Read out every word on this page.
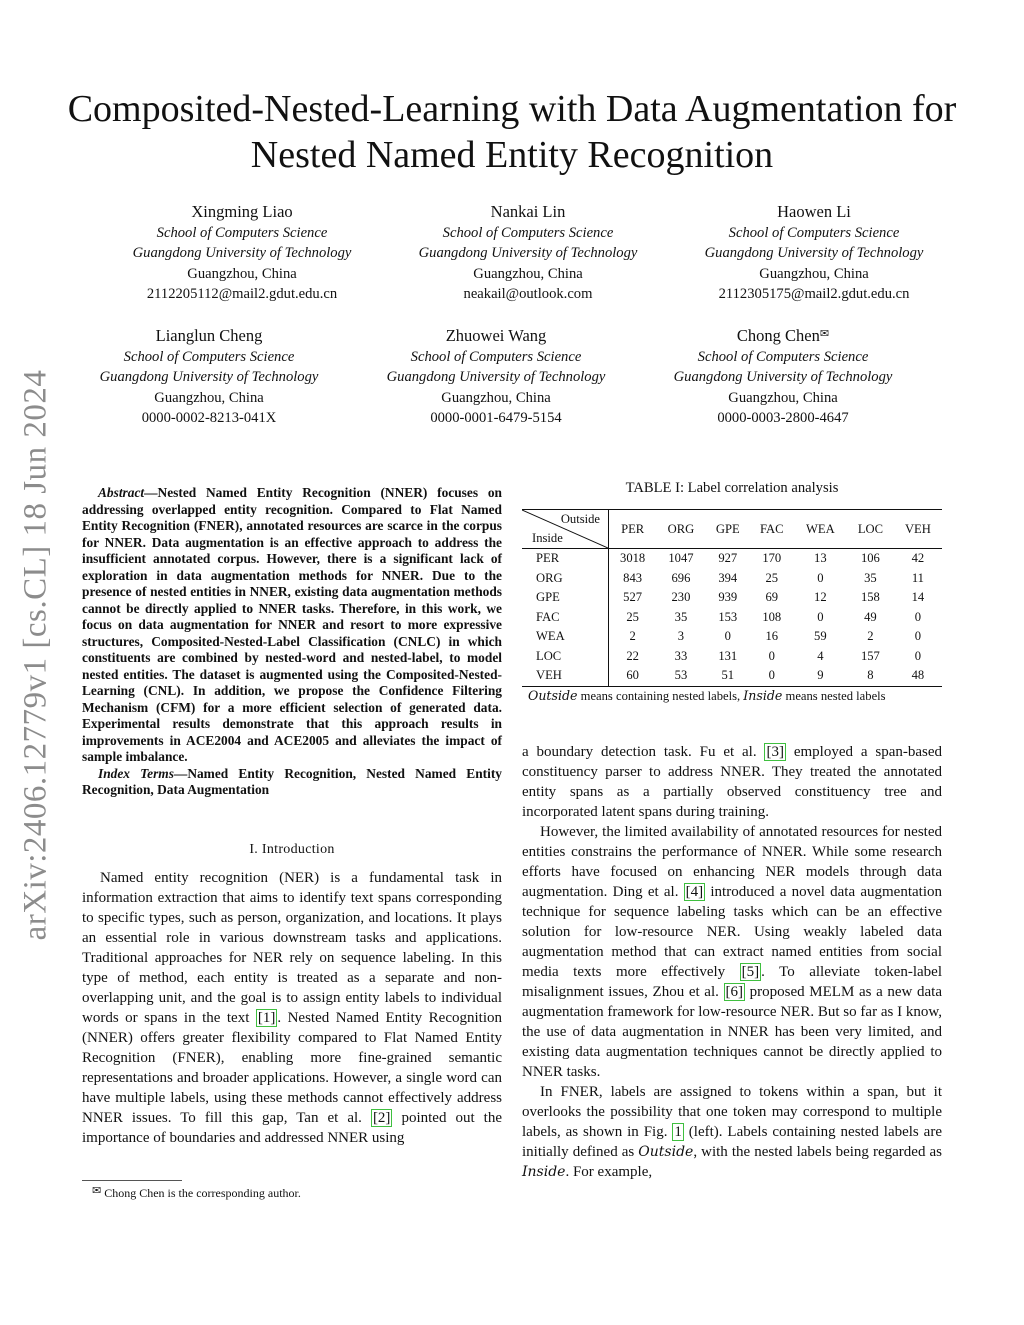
arXiv:2406.12779v1 [cs.CL] 18 Jun 2024
Composited-Nested-Learning with Data Augmentation for Nested Named Entity Recognition
Xingming Liao
School of Computers Science
Guangdong University of Technology
Guangzhou, China
2112205112@mail2.gdut.edu.cn
Nankai Lin
School of Computers Science
Guangdong University of Technology
Guangzhou, China
neakail@outlook.com
Haowen Li
School of Computers Science
Guangdong University of Technology
Guangzhou, China
2112305175@mail2.gdut.edu.cn
Lianglun Cheng
School of Computers Science
Guangdong University of Technology
Guangzhou, China
0000-0002-8213-041X
Zhuowei Wang
School of Computers Science
Guangdong University of Technology
Guangzhou, China
0000-0001-6479-5154
Chong Chen✉
School of Computers Science
Guangdong University of Technology
Guangzhou, China
0000-0003-2800-4647

Abstract—Nested Named Entity Recognition (NNER) focuses on addressing overlapped entity recognition. Compared to Flat Named Entity Recognition (FNER), annotated resources are scarce in the corpus for NNER. Data augmentation is an effective approach to address the insufficient annotated corpus. However, there is a significant lack of exploration in data augmentation methods for NNER. Due to the presence of nested entities in NNER, existing data augmentation methods cannot be directly applied to NNER tasks. Therefore, in this work, we focus on data augmentation for NNER and resort to more expressive structures, Composited-Nested-Label Classification (CNLC) in which constituents are combined by nested-word and nested-label, to model nested entities. The dataset is augmented using the Composited-Nested-Learning (CNL). In addition, we propose the Confidence Filtering Mechanism (CFM) for a more efficient selection of generated data. Experimental results demonstrate that this approach results in improvements in ACE2004 and ACE2005 and alleviates the impact of sample imbalance.

Index Terms—Named Entity Recognition, Nested Named Entity Recognition, Data Augmentation

I. Introduction

Named entity recognition (NER) is a fundamental task in information extraction that aims to identify text spans corresponding to specific types, such as person, organization, and locations. It plays an essential role in various downstream tasks and applications. Traditional approaches for NER rely on sequence labeling. In this type of method, each entity is treated as a separate and non-overlapping unit, and the goal is to assign entity labels to individual words or spans in the text [1] . Nested Named Entity Recognition (NNER) offers greater flexibility compared to Flat Named Entity Recognition (FNER), enabling more fine-grained semantic representations and broader applications. However, a single word can have multiple labels, using these methods cannot effectively address NNER issues. To fill this gap, Tan et al. [2] pointed out the importance of boundaries and addressed NNER using

✉ Chong Chen is the corresponding author.
TABLE I: Label correlation analysis
Outside
Inside	PER	ORG	GPE	FAC	WEA	LOC	VEH
PER	3018	1047	927	170	13	106	42
ORG	843	696	394	25	0	35	11
GPE	527	230	939	69	12	158	14
FAC	25	35	153	108	0	49	0
WEA	2	3	0	16	59	2	0
LOC	22	33	131	0	4	157	0
VEH	60	53	51	0	9	8	48
Outside means containing nested labels, Inside means nested labels

a boundary detection task. Fu et al. [3] employed a span-based constituency parser to address NNER. They treated the annotated entity spans as a partially observed constituency tree and incorporated latent spans during training.

However, the limited availability of annotated resources for nested entities constrains the performance of NNER. While some research efforts have focused on enhancing NER models through data augmentation. Ding et al. [4] introduced a novel data augmentation technique for sequence labeling tasks which can be an effective solution for low-resource NER. Using weakly labeled data augmentation method that can extract named entities from social media texts more effectively [5] . To alleviate token-label misalignment issues, Zhou et al. [6] proposed MELM as a new data augmentation framework for low-resource NER. But so far as I know, the use of data augmentation in NNER has been very limited, and existing data augmentation techniques cannot be directly applied to NNER tasks.

In FNER, labels are assigned to tokens within a span, but it overlooks the possibility that one token may correspond to multiple labels, as shown in Fig. 1 (left). Labels containing nested labels are initially defined as Outside, with the nested labels being regarded as Inside. For example,
